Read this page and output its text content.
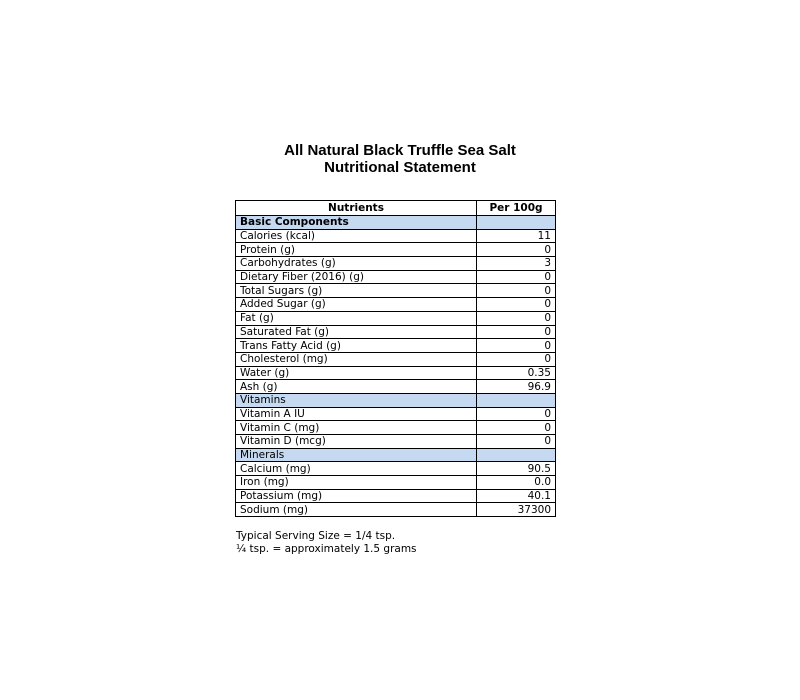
All Natural Black Truffle Sea Salt
Nutritional Statement
Nutrients	Per 100g
Basic Components	
Calories (kcal)	11
Protein (g)	0
Carbohydrates (g)	3
Dietary Fiber (2016) (g)	0
Total Sugars (g)	0
Added Sugar (g)	0
Fat (g)	0
Saturated Fat (g)	0
Trans Fatty Acid (g)	0
Cholesterol (mg)	0
Water (g)	0.35
Ash (g)	96.9
Vitamins	
Vitamin A IU	0
Vitamin C (mg)	0
Vitamin D (mcg)	0
Minerals	
Calcium (mg)	90.5
Iron (mg)	0.0
Potassium (mg)	40.1
Sodium (mg)	37300
Typical Serving Size = 1/4 tsp.
¼ tsp. = approximately 1.5 grams
